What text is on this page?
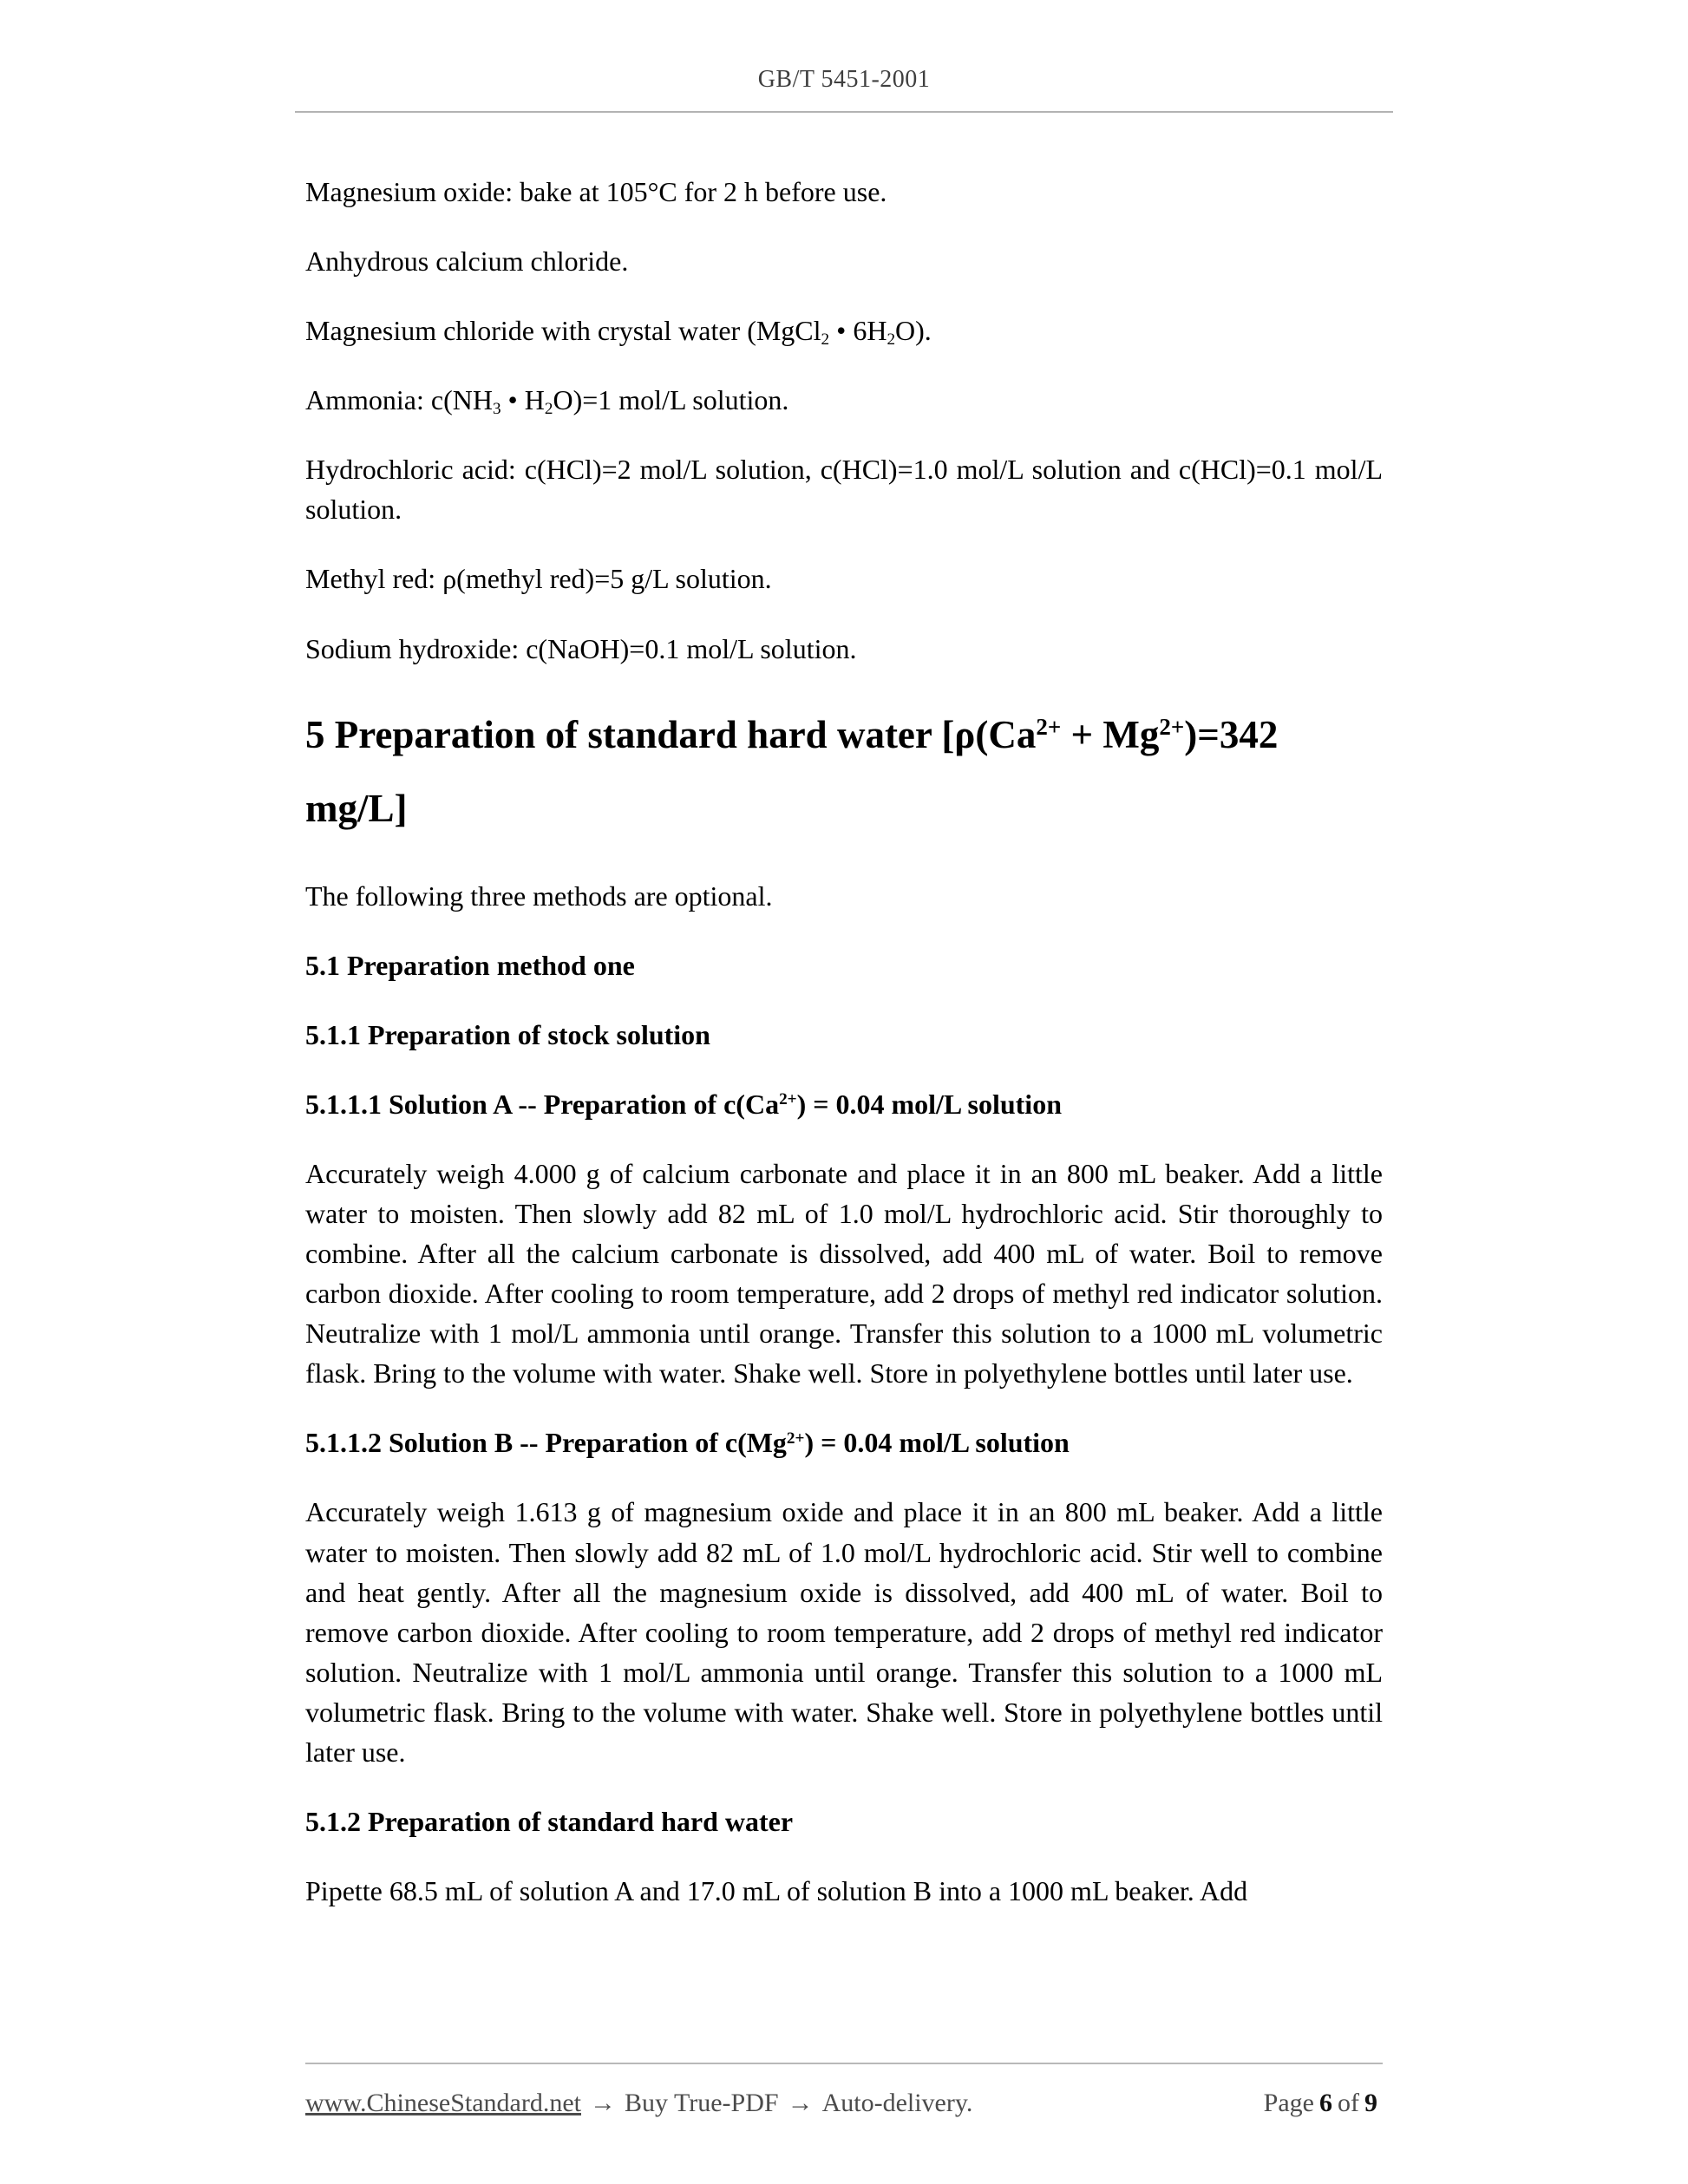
GB/T 5451-2001

Magnesium oxide: bake at 105°C for 2 h before use.

Anhydrous calcium chloride.

Magnesium chloride with crystal water (MgCl$_2$ • $6H_2O$).

Ammonia: $c(NH_3$ • $H_2O)=1$ mol/L solution.

Hydrochloric acid: c(HCl)=2 mol/L solution, c(HCl)=1.0 mol/L solution and c(HCl)=0.1 mol/L solution.

Methyl red: ρ(methyl red)=5 g/L solution.

Sodium hydroxide: c(NaOH)=0.1 mol/L solution.

5 Preparation of standard hard water [$\rho(Ca^{2+} + Mg^{2+})=342$ mg/L]

The following three methods are optional.

5.1 Preparation method one
5.1.1 Preparation of stock solution
5.1.1.1 Solution A -- Preparation of $c(Ca^{2+}) = 0.04$ mol/L solution

Accurately weigh 4.000 g of calcium carbonate and place it in an 800 mL beaker. Add a little water to moisten. Then slowly add 82 mL of 1.0 mol/L hydrochloric acid. Stir thoroughly to combine. After all the calcium carbonate is dissolved, add 400 mL of water. Boil to remove carbon dioxide. After cooling to room temperature, add 2 drops of methyl red indicator solution. Neutralize with 1 mol/L ammonia until orange. Transfer this solution to a 1000 mL volumetric flask. Bring to the volume with water. Shake well. Store in polyethylene bottles until later use.

5.1.1.2 Solution B -- Preparation of $c(Mg^{2+}) = 0.04$ mol/L solution

Accurately weigh 1.613 g of magnesium oxide and place it in an 800 mL beaker. Add a little water to moisten. Then slowly add 82 mL of 1.0 mol/L hydrochloric acid. Stir well to combine and heat gently. After all the magnesium oxide is dissolved, add 400 mL of water. Boil to remove carbon dioxide. After cooling to room temperature, add 2 drops of methyl red indicator solution. Neutralize with 1 mol/L ammonia until orange. Transfer this solution to a 1000 mL volumetric flask. Bring to the volume with water. Shake well. Store in polyethylene bottles until later use.

5.1.2 Preparation of standard hard water

Pipette 68.5 mL of solution A and 17.0 mL of solution B into a 1000 mL beaker. Add

www.ChineseStandard.net → Buy True-PDF → Auto-delivery.	Page 6 of 9
